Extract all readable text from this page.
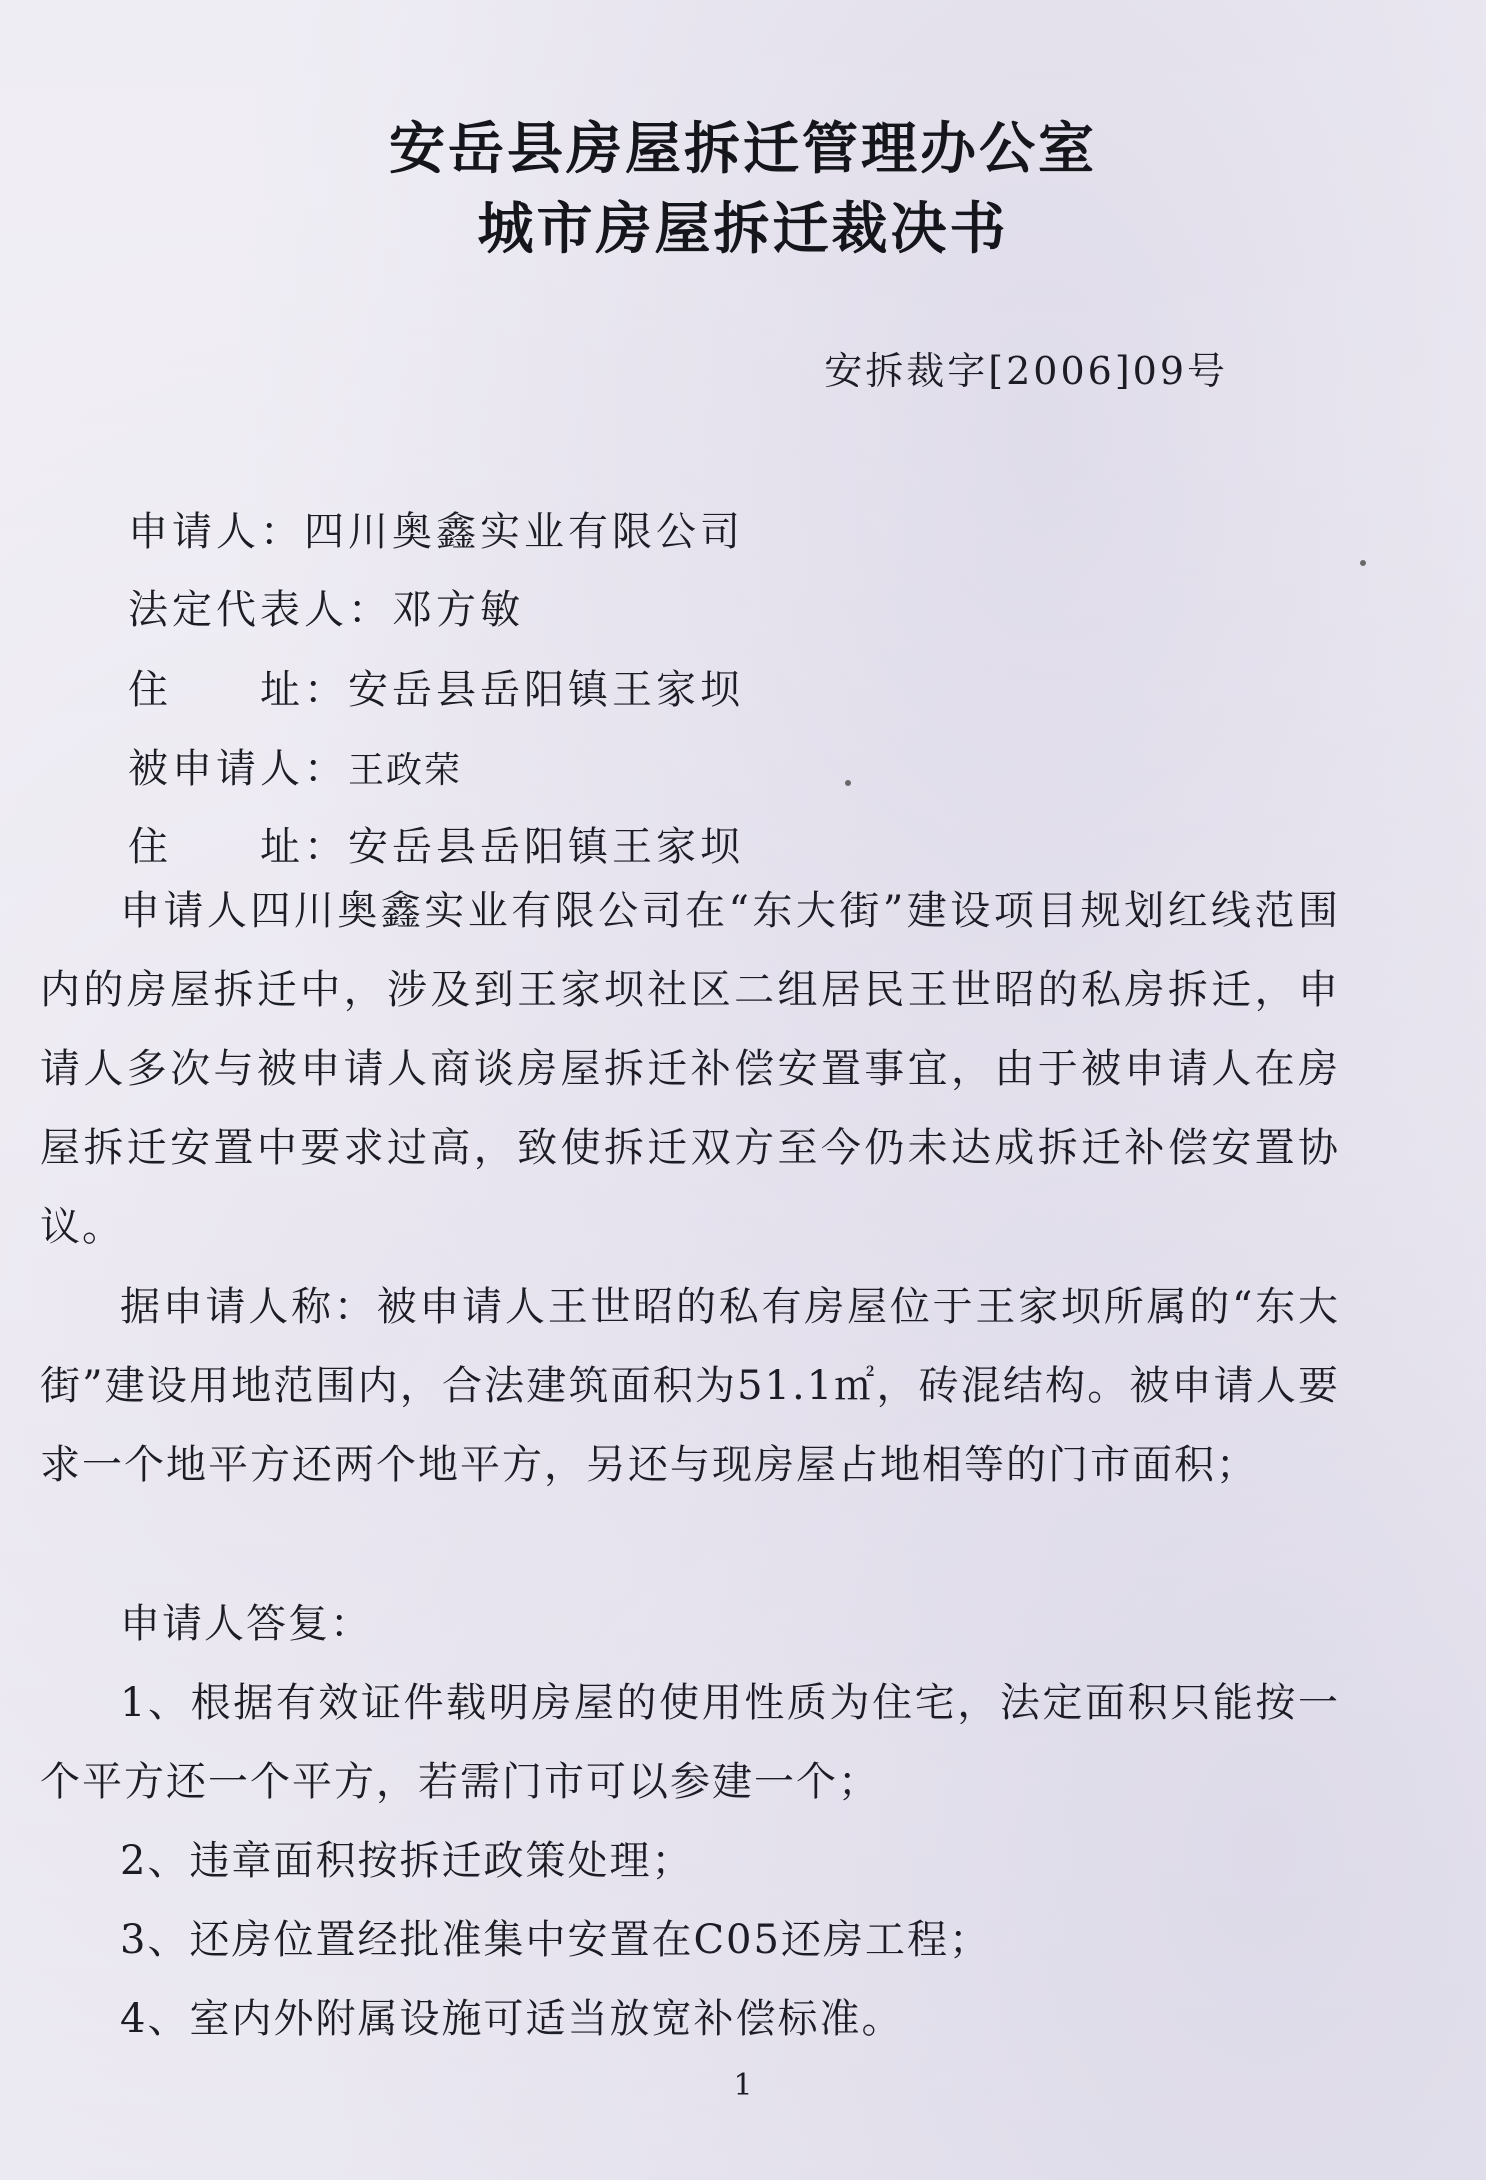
安岳县房屋拆迁管理办公室
城市房屋拆迁裁决书
安拆裁字[2006]09号
申请人：四川奥鑫实业有限公司
法定代表人：邓方敏
住　　址：安岳县岳阳镇王家坝
被申请人：王政荣
住　　址：安岳县岳阳镇王家坝

申请人四川奥鑫实业有限公司在“东大街”建设项目规划红线范围内的房屋拆迁中，涉及到王家坝社区二组居民王世昭的私房拆迁，申请人多次与被申请人商谈房屋拆迁补偿安置事宜，由于被申请人在房屋拆迁安置中要求过高，致使拆迁双方至今仍未达成拆迁补偿安置协议。

据申请人称：被申请人王世昭的私有房屋位于王家坝所属的“东大街”建设用地范围内，合法建筑面积为51.1㎡，砖混结构。被申请人要求一个地平方还两个地平方，另还与现房屋占地相等的门市面积；

申请人答复：

1、根据有效证件载明房屋的使用性质为住宅，法定面积只能按一个平方还一个平方，若需门市可以参建一个；

2、违章面积按拆迁政策处理；

3、还房位置经批准集中安置在C05还房工程；

4、室内外附属设施可适当放宽补偿标准。

1
